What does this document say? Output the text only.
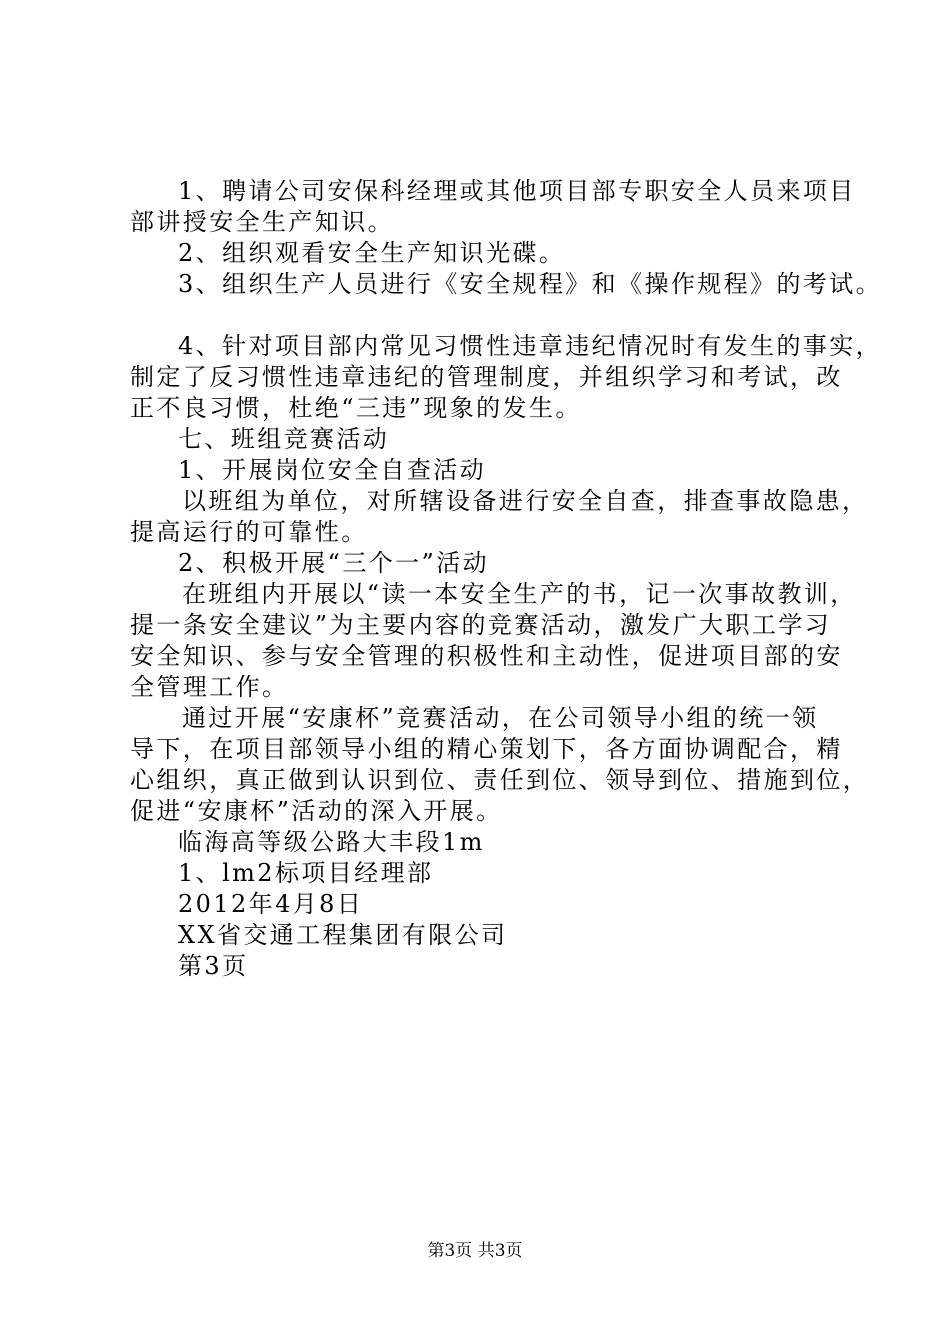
1、聘请公司安保科经理或其他项目部专职安全人员来项目
部讲授安全生产知识。
2、组织观看安全生产知识光碟。
3、组织生产人员进行《安全规程》和《操作规程》的考试。
4、针对项目部内常见习惯性违章违纪情况时有发生的事实，
制定了反习惯性违章违纪的管理制度，并组织学习和考试，改
正不良习惯，杜绝“三违”现象的发生。
七、班组竞赛活动
1、开展岗位安全自查活动
以班组为单位，对所辖设备进行安全自查，排查事故隐患，
提高运行的可靠性。
2、积极开展“三个一”活动
在班组内开展以“读一本安全生产的书，记一次事故教训，
提一条安全建议”为主要内容的竞赛活动，激发广大职工学习
安全知识、参与安全管理的积极性和主动性，促进项目部的安
全管理工作。
通过开展“安康杯”竞赛活动，在公司领导小组的统一领
导下，在项目部领导小组的精心策划下，各方面协调配合，精
心组织，真正做到认识到位、责任到位、领导到位、措施到位，
促进“安康杯”活动的深入开展。
临海高等级公路大丰段1m
1、lm2标项目经理部
2012年4月8日
XX省交通工程集团有限公司
第3页
第3页 共3页
